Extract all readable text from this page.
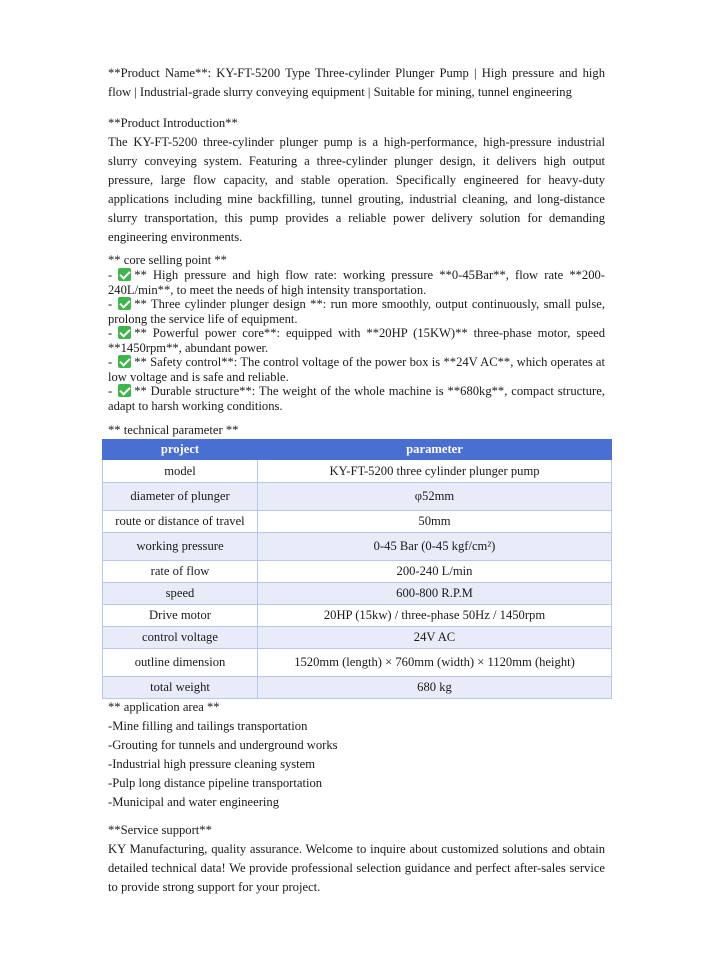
**Product Name**: KY-FT-5200 Type Three-cylinder Plunger Pump | High pressure and high flow | Industrial-grade slurry conveying equipment | Suitable for mining, tunnel engineering

**Product Introduction**

The KY-FT-5200 three-cylinder plunger pump is a high-performance, high-pressure industrial slurry conveying system. Featuring a three-cylinder plunger design, it delivers high output pressure, large flow capacity, and stable operation. Specifically engineered for heavy-duty applications including mine backfilling, tunnel grouting, industrial cleaning, and long-distance slurry transportation, this pump provides a reliable power delivery solution for demanding engineering environments.

** core selling point **

- ** High pressure and high flow rate: working pressure **0-45Bar**, flow rate **200-240L/min**, to meet the needs of high intensity transportation.
- ** Three cylinder plunger design **: run more smoothly, output continuously, small pulse, prolong the service life of equipment.
- ** Powerful power core**: equipped with **20HP (15KW)** three-phase motor, speed **1450rpm**, abundant power.
- ** Safety control**: The control voltage of the power box is **24V AC**, which operates at low voltage and is safe and reliable.
- ** Durable structure**: The weight of the whole machine is **680kg**, compact structure, adapt to harsh working conditions.

** technical parameter **

project	parameter
model	KY-FT-5200 three cylinder plunger pump
diameter of plunger	φ52mm
route or distance of travel	50mm
working pressure	0-45 Bar (0-45 kgf/cm²)
rate of flow	200-240 L/min
speed	600-800 R.P.M
Drive motor	20HP (15kw) / three-phase 50Hz / 1450rpm
control voltage	24V AC
outline dimension	1520mm (length) × 760mm (width) × 1120mm (height)
total weight	680 kg

** application area **

-Mine filling and tailings transportation
-Grouting for tunnels and underground works
-Industrial high pressure cleaning system
-Pulp long distance pipeline transportation
-Municipal and water engineering

**Service support**

KY Manufacturing, quality assurance. Welcome to inquire about customized solutions and obtain detailed technical data! We provide professional selection guidance and perfect after-sales service to provide strong support for your project.
